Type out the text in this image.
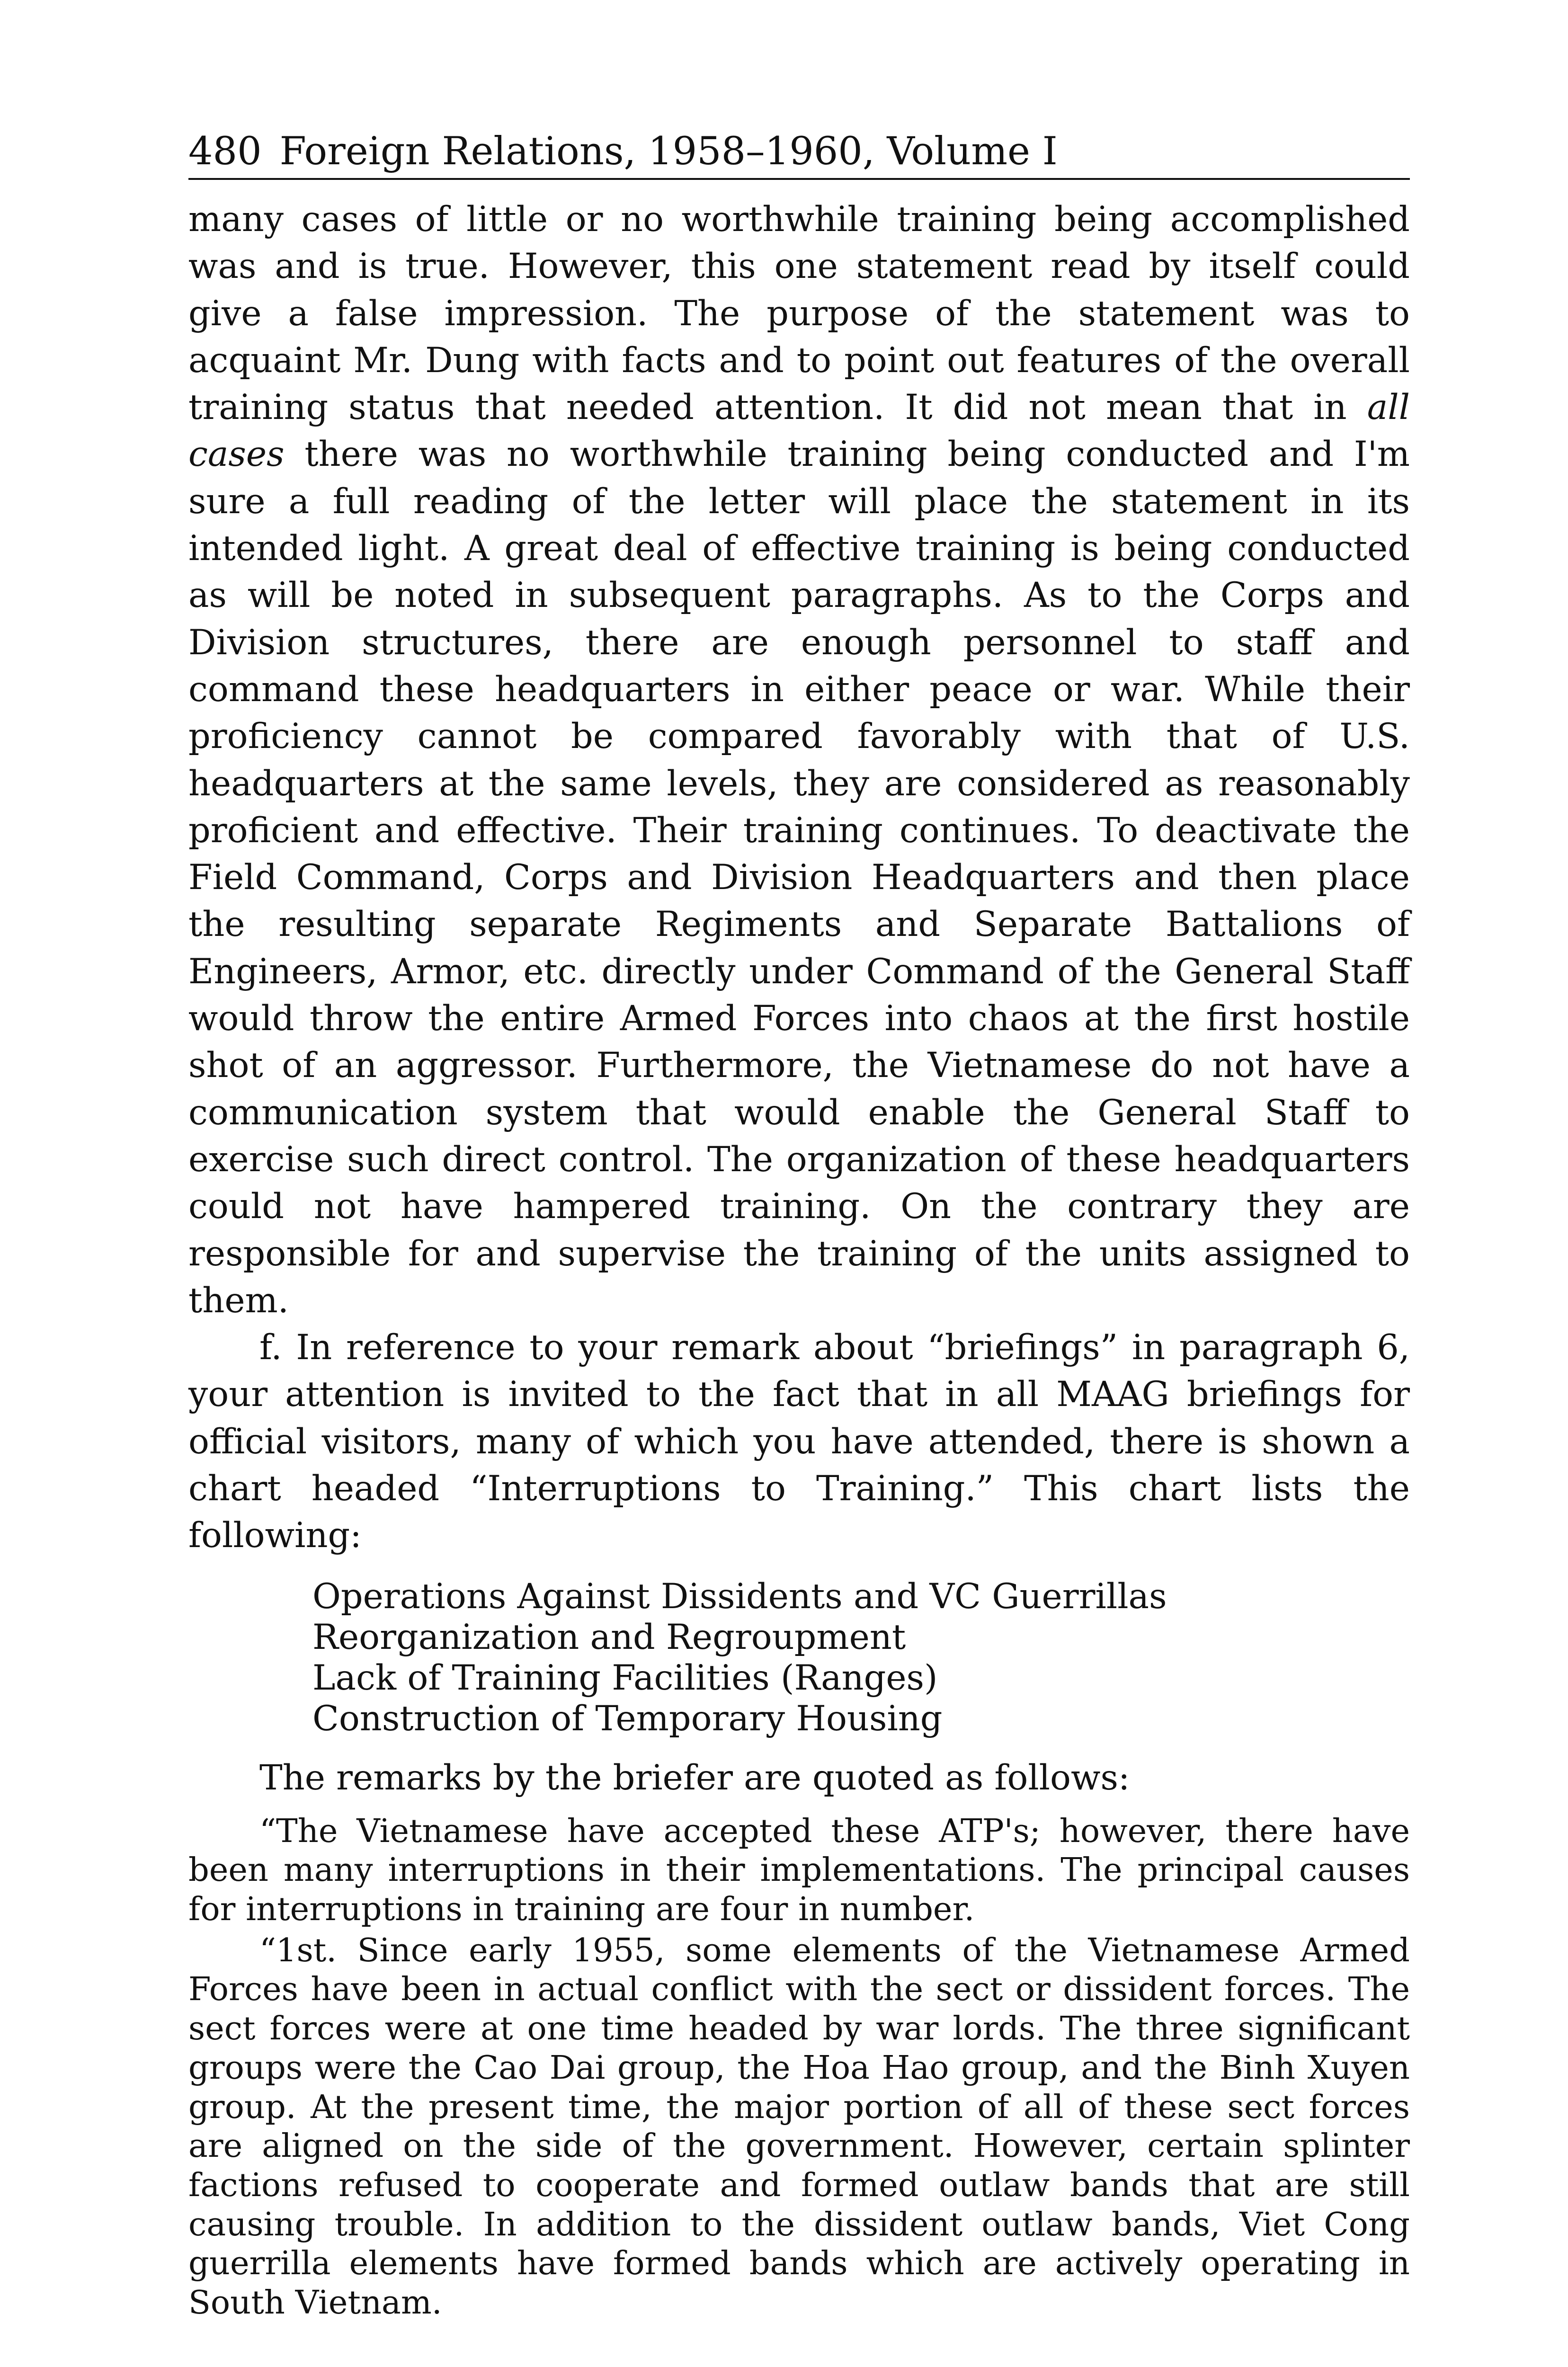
480 Foreign Relations, 1958–1960, Volume I

many cases of little or no worthwhile training being accomplished was and is true. However, this one statement read by itself could give a false impression. The purpose of the statement was to acquaint Mr. Dung with facts and to point out features of the overall training status that needed attention. It did not mean that in all cases there was no worthwhile training being conducted and I'm sure a full reading of the letter will place the statement in its intended light. A great deal of effective training is being conducted as will be noted in subsequent paragraphs. As to the Corps and Division structures, there are enough personnel to staff and command these headquarters in either peace or war. While their proficiency cannot be compared favorably with that of U.S. headquarters at the same levels, they are considered as reasonably proficient and effective. Their training continues. To deactivate the Field Command, Corps and Division Headquarters and then place the resulting separate Regiments and Separate Battalions of Engineers, Armor, etc. directly under Command of the General Staff would throw the entire Armed Forces into chaos at the first hostile shot of an aggressor. Furthermore, the Vietnamese do not have a communication system that would enable the General Staff to exercise such direct control. The organization of these headquarters could not have hampered training. On the contrary they are responsible for and supervise the training of the units assigned to them.

f. In reference to your remark about “briefings” in paragraph 6, your attention is invited to the fact that in all MAAG briefings for official visitors, many of which you have attended, there is shown a chart headed “Interruptions to Training.” This chart lists the following:

Operations Against Dissidents and VC Guerrillas
Reorganization and Regroupment
Lack of Training Facilities (Ranges)
Construction of Temporary Housing

The remarks by the briefer are quoted as follows:

“The Vietnamese have accepted these ATP's; however, there have been many interruptions in their implementations. The principal causes for interruptions in training are four in number.

“1st. Since early 1955, some elements of the Vietnamese Armed Forces have been in actual conflict with the sect or dissident forces. The sect forces were at one time headed by war lords. The three significant groups were the Cao Dai group, the Hoa Hao group, and the Binh Xuyen group. At the present time, the major portion of all of these sect forces are aligned on the side of the government. However, certain splinter factions refused to cooperate and formed outlaw bands that are still causing trouble. In addition to the dissident outlaw bands, Viet Cong guerrilla elements have formed bands which are actively operating in South Vietnam.
